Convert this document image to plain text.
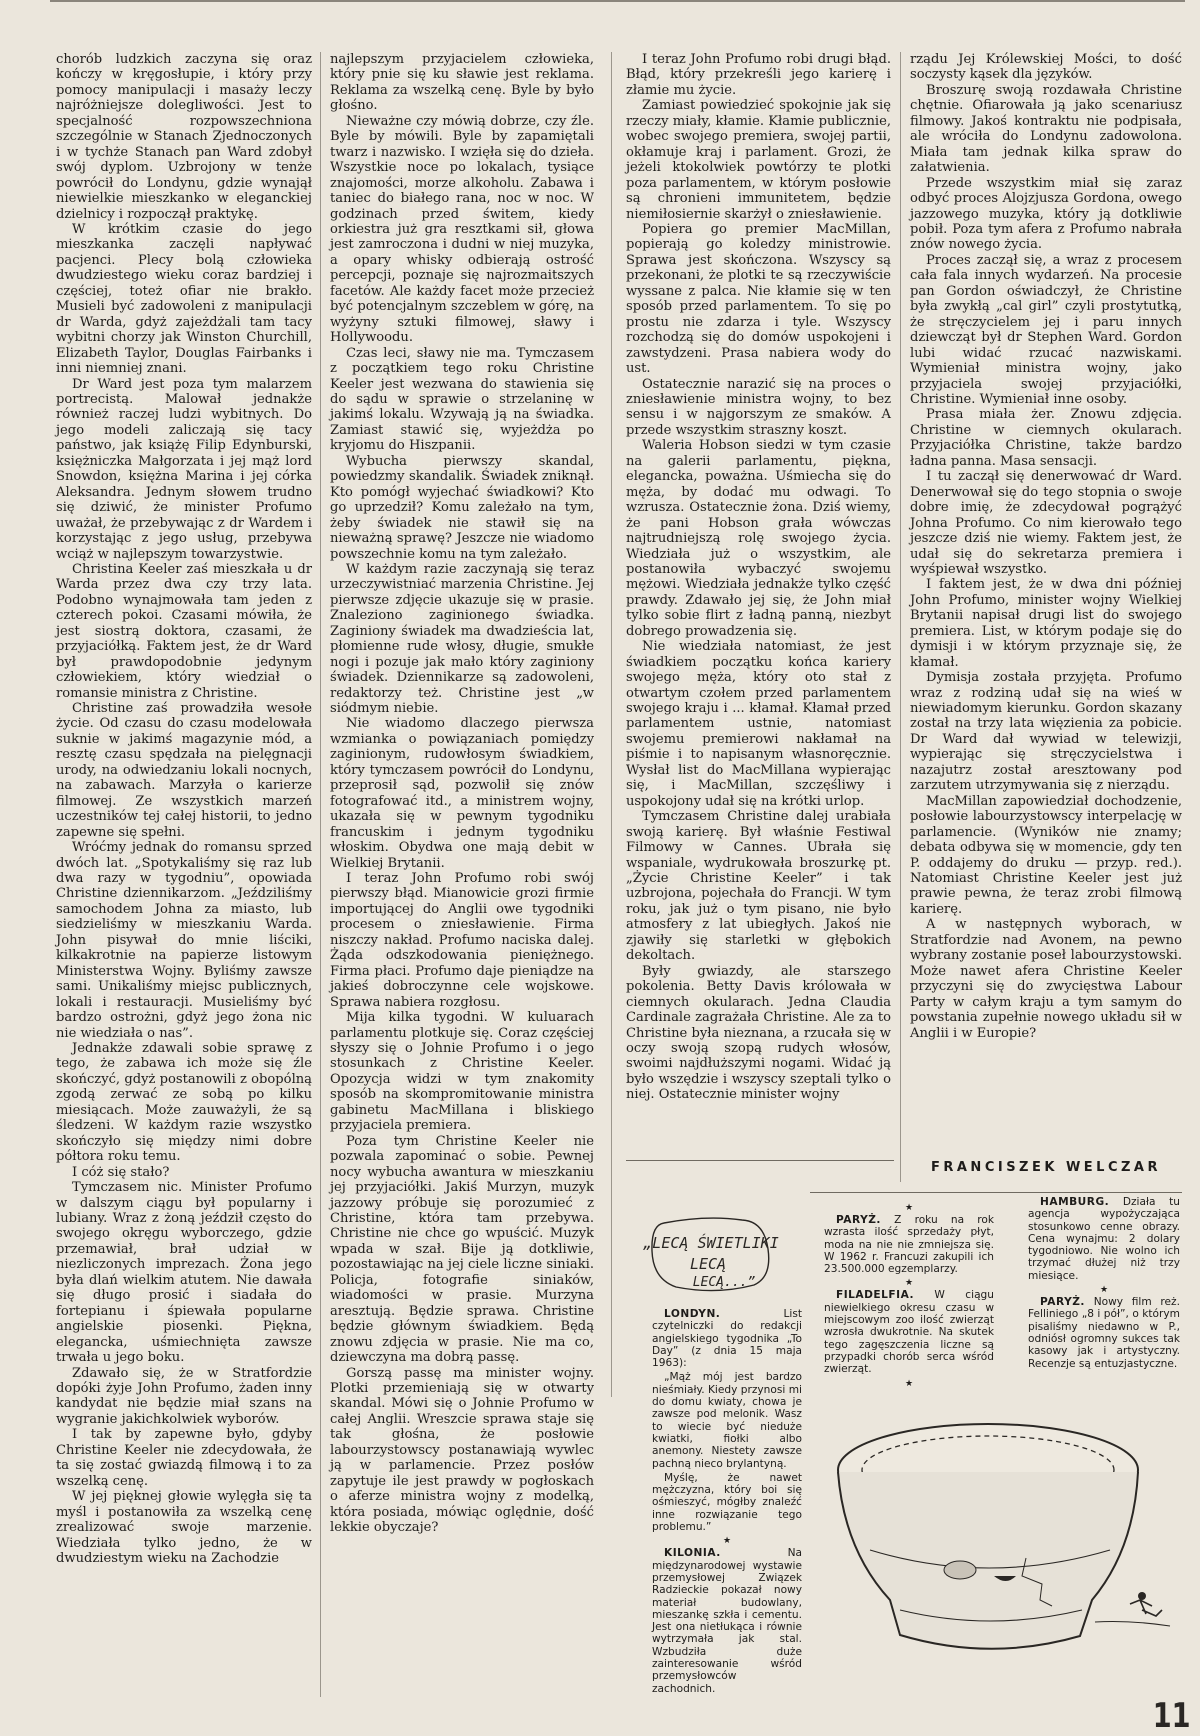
chorób ludzkich zaczyna się oraz kończy w kręgosłupie, i który przy pomocy manipulacji i masaży leczy najróżniejsze dolegliwości. Jest to specjalność rozpowszechniona szczególnie w Stanach Zjednoczonych i w tychże Stanach pan Ward zdobył swój dyplom. Uzbrojony w tenże powrócił do Londynu, gdzie wynajął niewielkie mieszkanko w eleganckiej dzielnicy i rozpoczął praktykę.

W krótkim czasie do jego mieszkanka zaczęli napływać pacjenci. Plecy bolą człowieka dwudziestego wieku coraz bardziej i częściej, toteż ofiar nie brakło. Musieli być zadowoleni z manipulacji dr Warda, gdyż zajeżdżali tam tacy wybitni chorzy jak Winston Churchill, Elizabeth Taylor, Douglas Fairbanks i inni niemniej znani.

Dr Ward jest poza tym malarzem portrecistą. Malował jednakże również raczej ludzi wybitnych. Do jego modeli zaliczają się tacy państwo, jak książę Filip Edynburski, księżniczka Małgorzata i jej mąż lord Snowdon, księżna Marina i jej córka Aleksandra. Jednym słowem trudno się dziwić, że minister Profumo uważał, że przebywając z dr Wardem i korzystając z jego usług, przebywa wciąż w najlepszym towarzystwie.

Christina Keeler zaś mieszkała u dr Warda przez dwa czy trzy lata. Podobno wynajmowała tam jeden z czterech pokoi. Czasami mówiła, że jest siostrą doktora, czasami, że przyjaciółką. Faktem jest, że dr Ward był prawdopodobnie jedynym człowiekiem, który wiedział o romansie ministra z Christine.

Christine zaś prowadziła wesołe życie. Od czasu do czasu modelowała suknie w jakimś magazynie mód, a resztę czasu spędzała na pielęgnacji urody, na odwiedzaniu lokali nocnych, na zabawach. Marzyła o karierze filmowej. Ze wszystkich marzeń uczestników tej całej historii, to jedno zapewne się spełni.

Wróćmy jednak do romansu sprzed dwóch lat. „Spotykaliśmy się raz lub dwa razy w tygodniu”, opowiada Christine dziennikarzom. „Jeździliśmy samochodem Johna za miasto, lub siedzieliśmy w mieszkaniu Warda. John pisywał do mnie liściki, kilkakrotnie na papierze listowym Ministerstwa Wojny. Byliśmy zawsze sami. Unikaliśmy miejsc publicznych, lokali i restauracji. Musieliśmy być bardzo ostrożni, gdyż jego żona nic nie wiedziała o nas”.

Jednakże zdawali sobie sprawę z tego, że zabawa ich może się źle skończyć, gdyż postanowili z obopólną zgodą zerwać ze sobą po kilku miesiącach. Może zauważyli, że są śledzeni. W każdym razie wszystko skończyło się między nimi dobre półtora roku temu.

I cóż się stało?

Tymczasem nic. Minister Profumo w dalszym ciągu był popularny i lubiany. Wraz z żoną jeździł często do swojego okręgu wyborczego, gdzie przemawiał, brał udział w niezliczonych imprezach. Żona jego była dlań wielkim atutem. Nie dawała się długo prosić i siadała do fortepianu i śpiewała popularne angielskie piosenki. Piękna, elegancka, uśmiechnięta zawsze trwała u jego boku.

Zdawało się, że w Stratfordzie dopóki żyje John Profumo, żaden inny kandydat nie będzie miał szans na wygranie jakichkolwiek wyborów.

I tak by zapewne było, gdyby Christine Keeler nie zdecydowała, że ta się zostać gwiazdą filmową i to za wszelką cenę.

W jej pięknej głowie wylęgła się ta myśl i postanowiła za wszelką cenę zrealizować swoje marzenie. Wiedziała tylko jedno, że w dwudziestym wieku na Zachodzie

najlepszym przyjacielem człowieka, który pnie się ku sławie jest reklama. Reklama za wszelką cenę. Byle by było głośno.

Nieważne czy mówią dobrze, czy źle. Byle by mówili. Byle by zapamiętali twarz i nazwisko. I wzięła się do dzieła. Wszystkie noce po lokalach, tysiące znajomości, morze alkoholu. Zabawa i taniec do białego rana, noc w noc. W godzinach przed świtem, kiedy orkiestra już gra resztkami sił, głowa jest zamroczona i dudni w niej muzyka, a opary whisky odbierają ostrość percepcji, poznaje się najrozmaitszych facetów. Ale każdy facet może przecież być potencjalnym szczeblem w górę, na wyżyny sztuki filmowej, sławy i Hollywoodu.

Czas leci, sławy nie ma. Tymczasem z początkiem tego roku Christine Keeler jest wezwana do stawienia się do sądu w sprawie o strzelaninę w jakimś lokalu. Wzywają ją na świadka. Zamiast stawić się, wyjeżdża po kryjomu do Hiszpanii.

Wybucha pierwszy skandal, powiedzmy skandalik. Świadek zniknął. Kto pomógł wyjechać świadkowi? Kto go uprzedził? Komu zależało na tym, żeby świadek nie stawił się na nieważną sprawę? Jeszcze nie wiadomo powszechnie komu na tym zależało.

W każdym razie zaczynają się teraz urzeczywistniać marzenia Christine. Jej pierwsze zdjęcie ukazuje się w prasie. Znaleziono zaginionego świadka. Zaginiony świadek ma dwadzieścia lat, płomienne rude włosy, długie, smukłe nogi i pozuje jak mało który zaginiony świadek. Dziennikarze są zadowoleni, redaktorzy też. Christine jest „w siódmym niebie.

Nie wiadomo dlaczego pierwsza wzmianka o powiązaniach pomiędzy zaginionym, rudowłosym świadkiem, który tymczasem powrócił do Londynu, przeprosił sąd, pozwolił się znów fotografować itd., a ministrem wojny, ukazała się w pewnym tygodniku francuskim i jednym tygodniku włoskim. Obydwa one mają debit w Wielkiej Brytanii.

I teraz John Profumo robi swój pierwszy błąd. Mianowicie grozi firmie importującej do Anglii owe tygodniki procesem o zniesławienie. Firma niszczy nakład. Profumo naciska dalej. Żąda odszkodowania pieniężnego. Firma płaci. Profumo daje pieniądze na jakieś dobroczynne cele wojskowe. Sprawa nabiera rozgłosu.

Mija kilka tygodni. W kuluarach parlamentu plotkuje się. Coraz częściej słyszy się o Johnie Profumo i o jego stosunkach z Christine Keeler. Opozycja widzi w tym znakomity sposób na skompromitowanie ministra gabinetu MacMillana i bliskiego przyjaciela premiera.

Poza tym Christine Keeler nie pozwala zapominać o sobie. Pewnej nocy wybucha awantura w mieszkaniu jej przyjaciółki. Jakiś Murzyn, muzyk jazzowy próbuje się porozumieć z Christine, która tam przebywa. Christine nie chce go wpuścić. Muzyk wpada w szał. Bije ją dotkliwie, pozostawiając na jej ciele liczne siniaki. Policja, fotografie siniaków, wiadomości w prasie. Murzyna aresztują. Będzie sprawa. Christine będzie głównym świadkiem. Będą znowu zdjęcia w prasie. Nie ma co, dziewczyna ma dobrą passę.

Gorszą passę ma minister wojny. Plotki przemieniają się w otwarty skandal. Mówi się o Johnie Profumo w całej Anglii. Wreszcie sprawa staje się tak głośna, że posłowie labourzystowscy postanawiają wywlec ją w parlamencie. Przez posłów zapytuje ile jest prawdy w pogłoskach o aferze ministra wojny z modelką, która posiada, mówiąc oględnie, dość lekkie obyczaje?

I teraz John Profumo robi drugi błąd. Błąd, który przekreśli jego karierę i złamie mu życie.

Zamiast powiedzieć spokojnie jak się rzeczy miały, kłamie. Kłamie publicznie, wobec swojego premiera, swojej partii, okłamuje kraj i parlament. Grozi, że jeżeli ktokolwiek powtórzy te plotki poza parlamentem, w którym posłowie są chronieni immunitetem, będzie niemiłosiernie skarżył o zniesławienie.

Popiera go premier MacMillan, popierają go koledzy ministrowie. Sprawa jest skończona. Wszyscy są przekonani, że plotki te są rzeczywiście wyssane z palca. Nie kłamie się w ten sposób przed parlamentem. To się po prostu nie zdarza i tyle. Wszyscy rozchodzą się do domów uspokojeni i zawstydzeni. Prasa nabiera wody do ust.

Ostatecznie narazić się na proces o zniesławienie ministra wojny, to bez sensu i w najgorszym ze smaków. A przede wszystkim straszny koszt.

Waleria Hobson siedzi w tym czasie na galerii parlamentu, piękna, elegancka, poważna. Uśmiecha się do męża, by dodać mu odwagi. To wzrusza. Ostatecznie żona. Dziś wiemy, że pani Hobson grała wówczas najtrudniejszą rolę swojego życia. Wiedziała już o wszystkim, ale postanowiła wybaczyć swojemu mężowi. Wiedziała jednakże tylko część prawdy. Zdawało jej się, że John miał tylko sobie flirt z ładną panną, niezbyt dobrego prowadzenia się.

Nie wiedziała natomiast, że jest świadkiem początku końca kariery swojego męża, który oto stał z otwartym czołem przed parlamentem swojego kraju i ... kłamał. Kłamał przed parlamentem ustnie, natomiast swojemu premierowi nakłamał na piśmie i to napisanym własnoręcznie. Wysłał list do MacMillana wypierając się, i MacMillan, szczęśliwy i uspokojony udał się na krótki urlop.

Tymczasem Christine dalej urabiała swoją karierę. Był właśnie Festiwal Filmowy w Cannes. Ubrała się wspaniale, wydrukowała broszurkę pt. „Życie Christine Keeler” i tak uzbrojona, pojechała do Francji. W tym roku, jak już o tym pisano, nie było atmosfery z lat ubiegłych. Jakoś nie zjawiły się starletki w głębokich dekoltach.

Były gwiazdy, ale starszego pokolenia. Betty Davis królowała w ciemnych okularach. Jedna Claudia Cardinale zagrażała Christine. Ale za to Christine była nieznana, a rzucała się w oczy swoją szopą rudych włosów, swoimi najdłuższymi nogami. Widać ją było wszędzie i wszyscy szeptali tylko o niej. Ostatecznie minister wojny

rządu Jej Królewskiej Mości, to dość soczysty kąsek dla języków.

Broszurę swoją rozdawała Christine chętnie. Ofiarowała ją jako scenariusz filmowy. Jakoś kontraktu nie podpisała, ale wróciła do Londynu zadowolona. Miała tam jednak kilka spraw do załatwienia.

Przede wszystkim miał się zaraz odbyć proces Alojzjusza Gordona, owego jazzowego muzyka, który ją dotkliwie pobił. Poza tym afera z Profumo nabrała znów nowego życia.

Proces zaczął się, a wraz z procesem cała fala innych wydarzeń. Na procesie pan Gordon oświadczył, że Christine była zwykłą „cal girl” czyli prostytutką, że stręczycielem jej i paru innych dziewcząt był dr Stephen Ward. Gordon lubi widać rzucać nazwiskami. Wymieniał ministra wojny, jako przyjaciela swojej przyjaciółki, Christine. Wymieniał inne osoby.

Prasa miała żer. Znowu zdjęcia. Christine w ciemnych okularach. Przyjaciółka Christine, także bardzo ładna panna. Masa sensacji.

I tu zaczął się denerwować dr Ward. Denerwował się do tego stopnia o swoje dobre imię, że zdecydował pogrążyć Johna Profumo. Co nim kierowało tego jeszcze dziś nie wiemy. Faktem jest, że udał się do sekretarza premiera i wyśpiewał wszystko.

I faktem jest, że w dwa dni później John Profumo, minister wojny Wielkiej Brytanii napisał drugi list do swojego premiera. List, w którym podaje się do dymisji i w którym przyznaje się, że kłamał.

Dymisja została przyjęta. Profumo wraz z rodziną udał się na wieś w niewiadomym kierunku. Gordon skazany został na trzy lata więzienia za pobicie. Dr Ward dał wywiad w telewizji, wypierając się stręczycielstwa i nazajutrz został aresztowany pod zarzutem utrzymywania się z nierządu.

MacMillan zapowiedział dochodzenie, posłowie labourzystowscy interpelację w parlamencie. (Wyników nie znamy; debata odbywa się w momencie, gdy ten P. oddajemy do druku — przyp. red.). Natomiast Christine Keeler jest już prawie pewna, że teraz zrobi filmową karierę.

A w następnych wyborach, w Stratfordzie nad Avonem, na pewno wybrany zostanie poseł labourzystowski. Może nawet afera Christine Keeler przyczyni się do zwycięstwa Labour Party w całym kraju a tym samym do powstania zupełnie nowego układu sił w Anglii i w Europie?

FRANCISZEK WELCZAR
„LECĄ ŚWIETLIKI
LECĄ
LECĄ...”

LONDYN.	List czytelniczki do redakcji angielskiego tygodnika „To Day” (z dnia 15 maja 1963):

„Mąż mój jest bardzo nieśmiały. Kiedy przynosi mi do domu kwiaty, chowa je zawsze pod melonik. Wasz to wiecie być nieduże kwiatki, fiołki albo anemony. Niestety zawsze pachną nieco brylantyną.

Myślę, że nawet mężczyzna, który boi się ośmieszyć, mógłby znaleźć inne rozwiązanie tego problemu.”

★

KILONIA.	Na międzynarodowej wystawie przemysłowej Związek Radzieckie pokazał nowy materiał budowlany, mieszankę szkła i cementu. Jest ona nietłukąca i równie wytrzymała jak stal. Wzbudziła duże zainteresowanie wśród przemysłowców zachodnich.

★

PARYŻ. Z roku na rok wzrasta ilość sprzedaży płyt, moda na nie nie zmniejsza się. W 1962 r. Francuzi zakupili ich 23.500.000 egzemplarzy.

★

FILADELFIA. W ciągu niewielkiego okresu czasu w miejscowym zoo ilość zwierząt wzrosła dwukrotnie. Na skutek tego zagęszczenia liczne są przypadki chorób serca wśród zwierząt.

★

HAMBURG. Działa tu agencja wypożyczająca stosunkowo cenne obrazy. Cena wynajmu: 2 dolary tygodniowo. Nie wolno ich trzymać dłużej niż trzy miesiące.

★

PARYŻ. Nowy film reż. Felliniego „8 i pół”, o którym pisaliśmy niedawno w P., odniósł ogromny sukces tak kasowy jak i artystyczny. Recenzje są entuzjastyczne.

11
